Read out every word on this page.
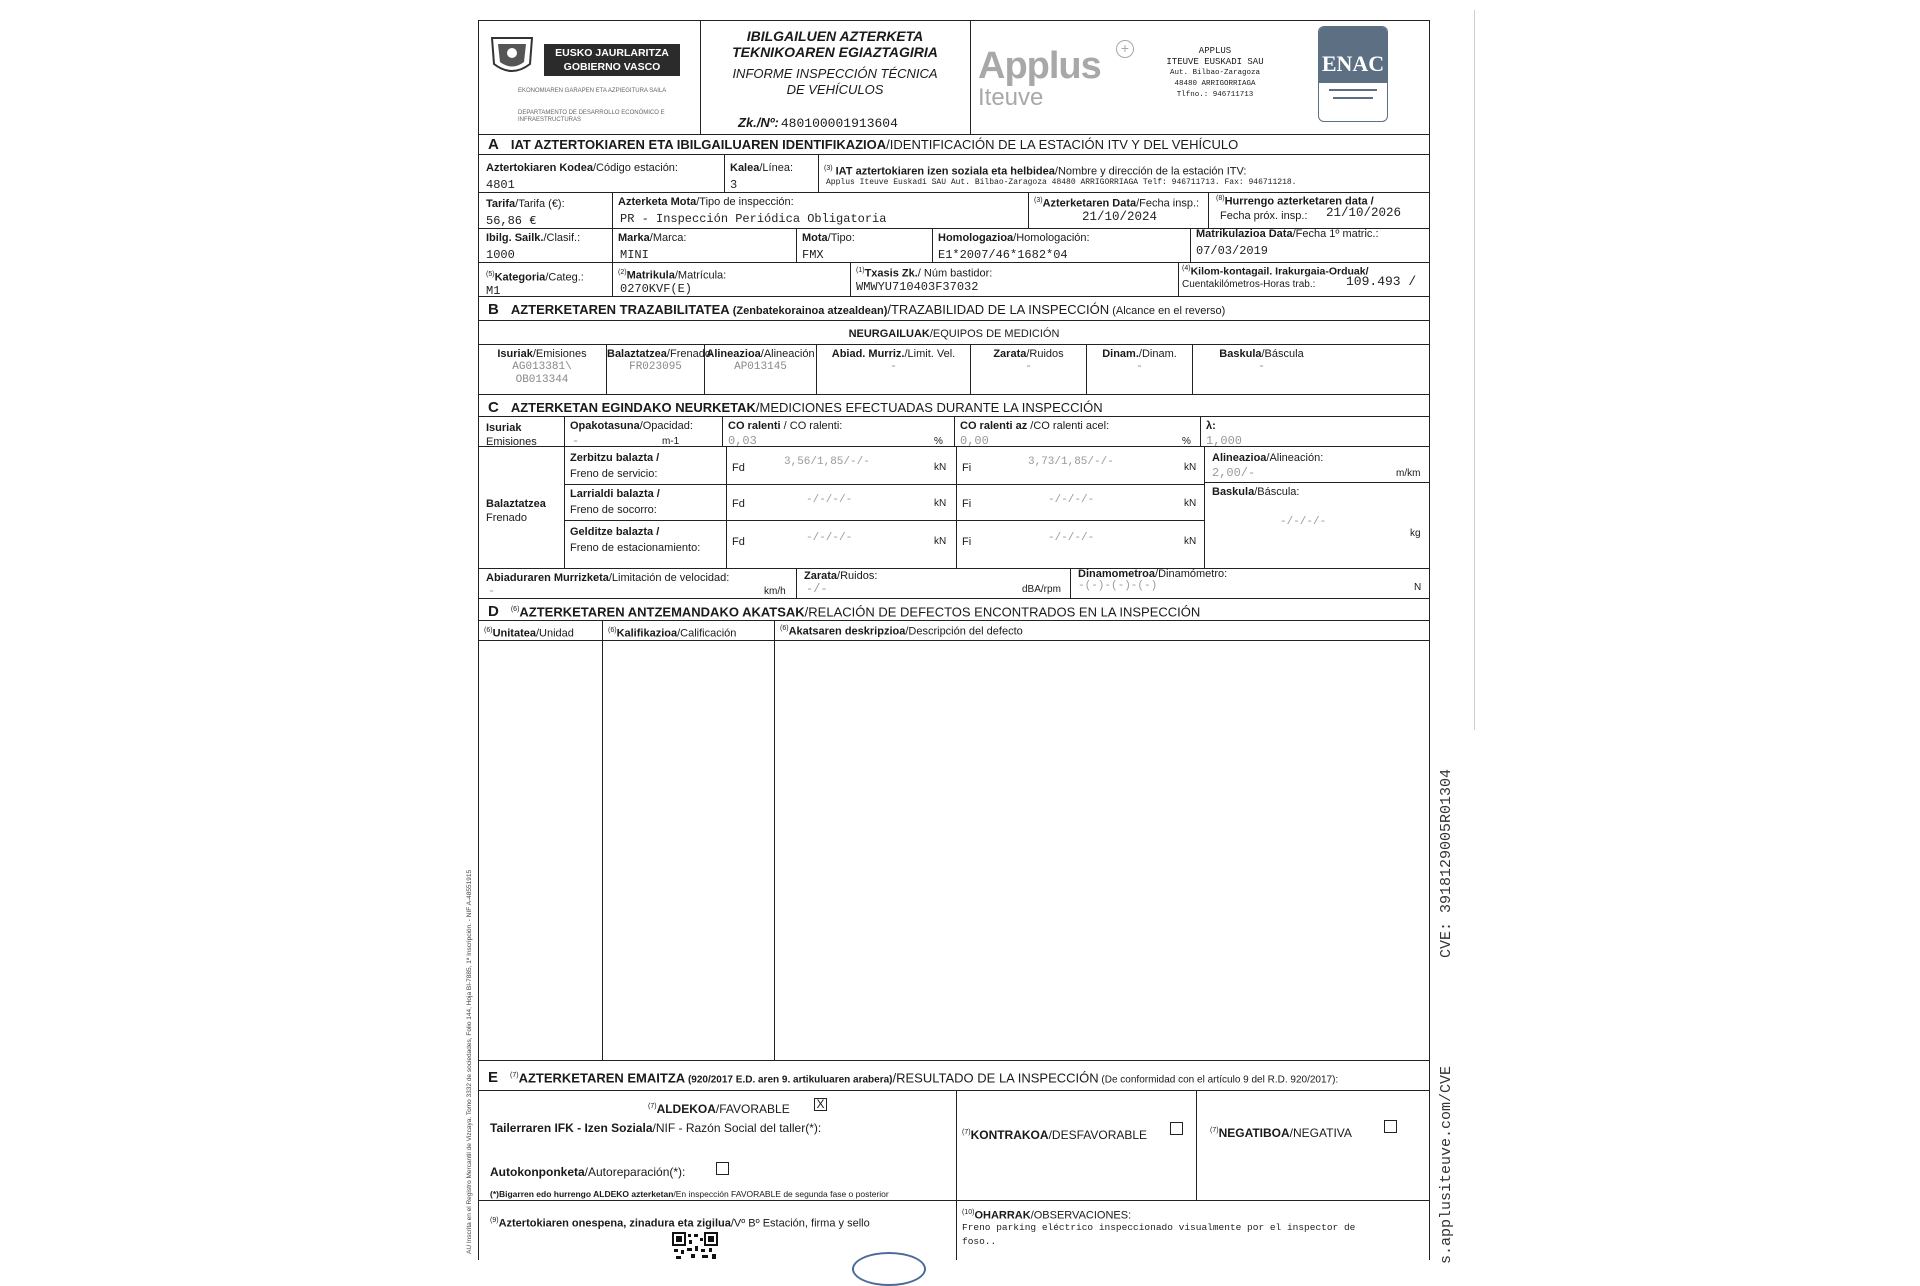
EUSKO JAURLARITZA
GOBIERNO VASCO
EKONOMIAREN GARAPEN ETA AZPIEGITURA SAILA
DEPARTAMENTO DE DESARROLLO ECONÓMICO E INFRAESTRUCTURAS
IBILGAILUEN AZTERKETA
TEKNIKOAREN EGIAZTAGIRIA
INFORME INSPECCIÓN TÉCNICA
DE VEHÍCULOS
Zk./Nº: 480100001913604
Applus
Iteuve
+	APPLUS
ITEUVE EUSKADI SAU
Aut. Bilbao-Zaragoza
48480 ARRIGORRIAGA
Tlfno.: 946711713
ENAC
A IAT AZTERTOKIAREN ETA IBILGAILUAREN IDENTIFIKAZIOA/IDENTIFICACIÓN DE LA ESTACIÓN ITV Y DEL VEHÍCULO
Aztertokiaren Kodea/Código estación:
4801
Kalea/Línea:
3
$^{(3)}$ IAT aztertokiaren izen soziala eta helbidea/Nombre y dirección de la estación ITV:
Applus Iteuve Euskadi SAU Aut. Bilbao-Zaragoza 48480 ARRIGORRIAGA Telf: 946711713. Fax: 946711218.
Tarifa/Tarifa (€):
56,86 €
Azterketa Mota/Tipo de inspección:
PR - Inspección Periódica Obligatoria
$^{(3)}$Azterketaren Data/Fecha insp.:
21/10/2024
$^{(8)}$Hurrengo azterketaren data /
Fecha próx. insp.: 21/10/2026
Ibilg. Sailk./Clasif.:
1000
Marka/Marca:
MINI
Mota/Tipo:
FMX
Homologazioa/Homologación:
E1*2007/46*1682*04
Matrikulazioa Data/Fecha 1º matric.:
07/03/2019
$^{(5)}$Kategoria/Categ.:
M1
$^{(2)}$Matrikula/Matrícula:
0270KVF(E)
$^{(1)}$Txasis Zk./ Núm bastidor:
WMWYU710403F37032
$^{(4)}$Kilom-kontagail. Irakurgaia-Orduak/
Cuentakilómetros-Horas trab.: 109.493 /
B AZTERKETAREN TRAZABILITATEA (Zenbatekorainoa atzealdean)/TRAZABILIDAD DE LA INSPECCIÓN (Alcance en el reverso)
NEURGAILUAK/EQUIPOS DE MEDICIÓN
Isuriak/Emisiones
AG013381\
OB013344
Balaztatzea/Frenado
FR023095
Alineazioa/Alineación
AP013145
Abiad. Murriz./Limit. Vel.
-
Zarata/Ruidos
-
Dinam./Dinam.
-
Baskula/Báscula
-
C AZTERKETAN EGINDAKO NEURKETAK/MEDICIONES EFECTUADAS DURANTE LA INSPECCIÓN
Isuriak
Emisiones
Opakotasuna/Opacidad:
-	m-1
CO ralenti / CO ralenti:
0,03	%
CO ralenti az /CO ralenti acel:
0,00	%
λ:
1,000
Balaztatzea
Frenado
Zerbitzu balazta /
Freno de servicio:	Fd	3,56/1,85/-/-	kN Fi	3,73/1,85/-/-	kN
Larrialdi balazta /
Freno de socorro:	Fd	-/-/-/-	kN Fi	-/-/-/-	kN
Gelditze balazta /
Freno de estacionamiento:	Fd	-/-/-/-	kN Fi	-/-/-/-	kN
Alineazioa/Alineación:
2,00/-	m/km
Baskula/Báscula:
-/-/-/-
kg
Abiaduraren Murrizketa/Limitación de velocidad:
-	km/h
Zarata/Ruidos:
-/-	dBA/rpm
Dinamometroa/Dinamómetro:
-(-)-(-)-(-)	N
D $^{(6)}$AZTERKETAREN ANTZEMANDAKO AKATSAK/RELACIÓN DE DEFECTOS ENCONTRADOS EN LA INSPECCIÓN
$^{(6)}$Unitatea/Unidad	$^{(6)}$Kalifikazioa/Calificación	$^{(6)}$Akatsaren deskripzioa/Descripción del defecto
E $^{(7)}$AZTERKETAREN EMAITZA (920/2017 E.D. aren 9. artikuluaren arabera)/RESULTADO DE LA INSPECCIÓN (De conformidad con el artículo 9 del R.D. 920/2017):
$^{(7)}$ALDEKOA/FAVORABLE X
Tailerraren IFK - Izen Soziala/NIF - Razón Social del taller(*):
Autokonponketa/Autoreparación(*):
(*)Bigarren edo hurrengo ALDEKO azterketan/En inspección FAVORABLE de segunda fase o posterior
$^{(7)}$KONTRAKOA/DESFAVORABLE	$^{(7)}$NEGATIBOA/NEGATIVA
$^{(9)}$Aztertokiaren onespena, zinadura eta zigilua/Vº Bº Estación, firma y sello
$^{(10)}$OHARRAK/OBSERVACIONES:
Freno parking eléctrico inspeccionado visualmente por el inspector de
foso..
AU Inscrita en el Registro Mercantil de Vizcaya. Tomo 3332 de sociedades, Folio 144, Hoja BI-7885, 1ª Inscripción. - NIF A-48551915
CVE: 3918129005R01304
s.applusiteuve.com/CVE
